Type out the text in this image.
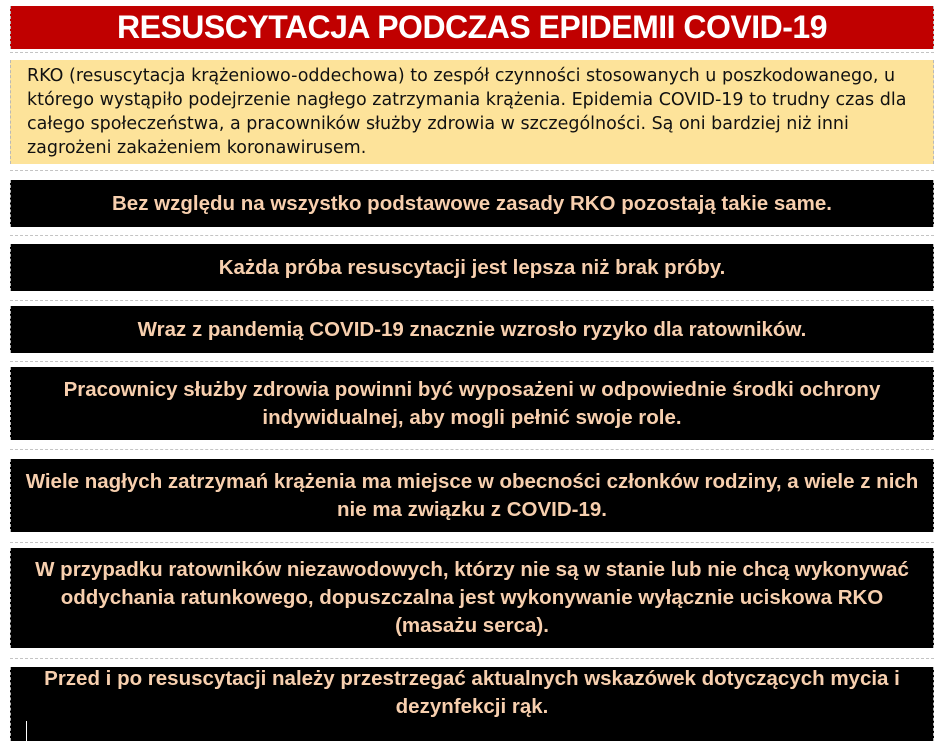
RESUSCYTACJA PODCZAS EPIDEMII COVID-19
RKO (resuscytacja krążeniowo-oddechowa) to zespół czynności stosowanych u poszkodowanego, u którego wystąpiło podejrzenie nagłego zatrzymania krążenia. Epidemia COVID-19 to trudny czas dla całego społeczeństwa, a pracowników służby zdrowia w szczególności. Są oni bardziej niż inni zagrożeni zakażeniem koronawirusem.
Bez względu na wszystko podstawowe zasady RKO pozostają takie same.
Każda próba resuscytacji jest lepsza niż brak próby.
Wraz z pandemią COVID-19 znacznie wzrosło ryzyko dla ratowników.
Pracownicy służby zdrowia powinni być wyposażeni w odpowiednie środki ochrony indywidualnej, aby mogli pełnić swoje role.
Wiele nagłych zatrzymań krążenia ma miejsce w obecności członków rodziny, a wiele z nich nie ma związku z COVID-19.
W przypadku ratowników niezawodowych, którzy nie są w stanie lub nie chcą wykonywać oddychania ratunkowego, dopuszczalna jest wykonywanie wyłącznie uciskowa RKO (masażu serca).
Przed i po resuscytacji należy przestrzegać aktualnych wskazówek dotyczących mycia i dezynfekcji rąk.
